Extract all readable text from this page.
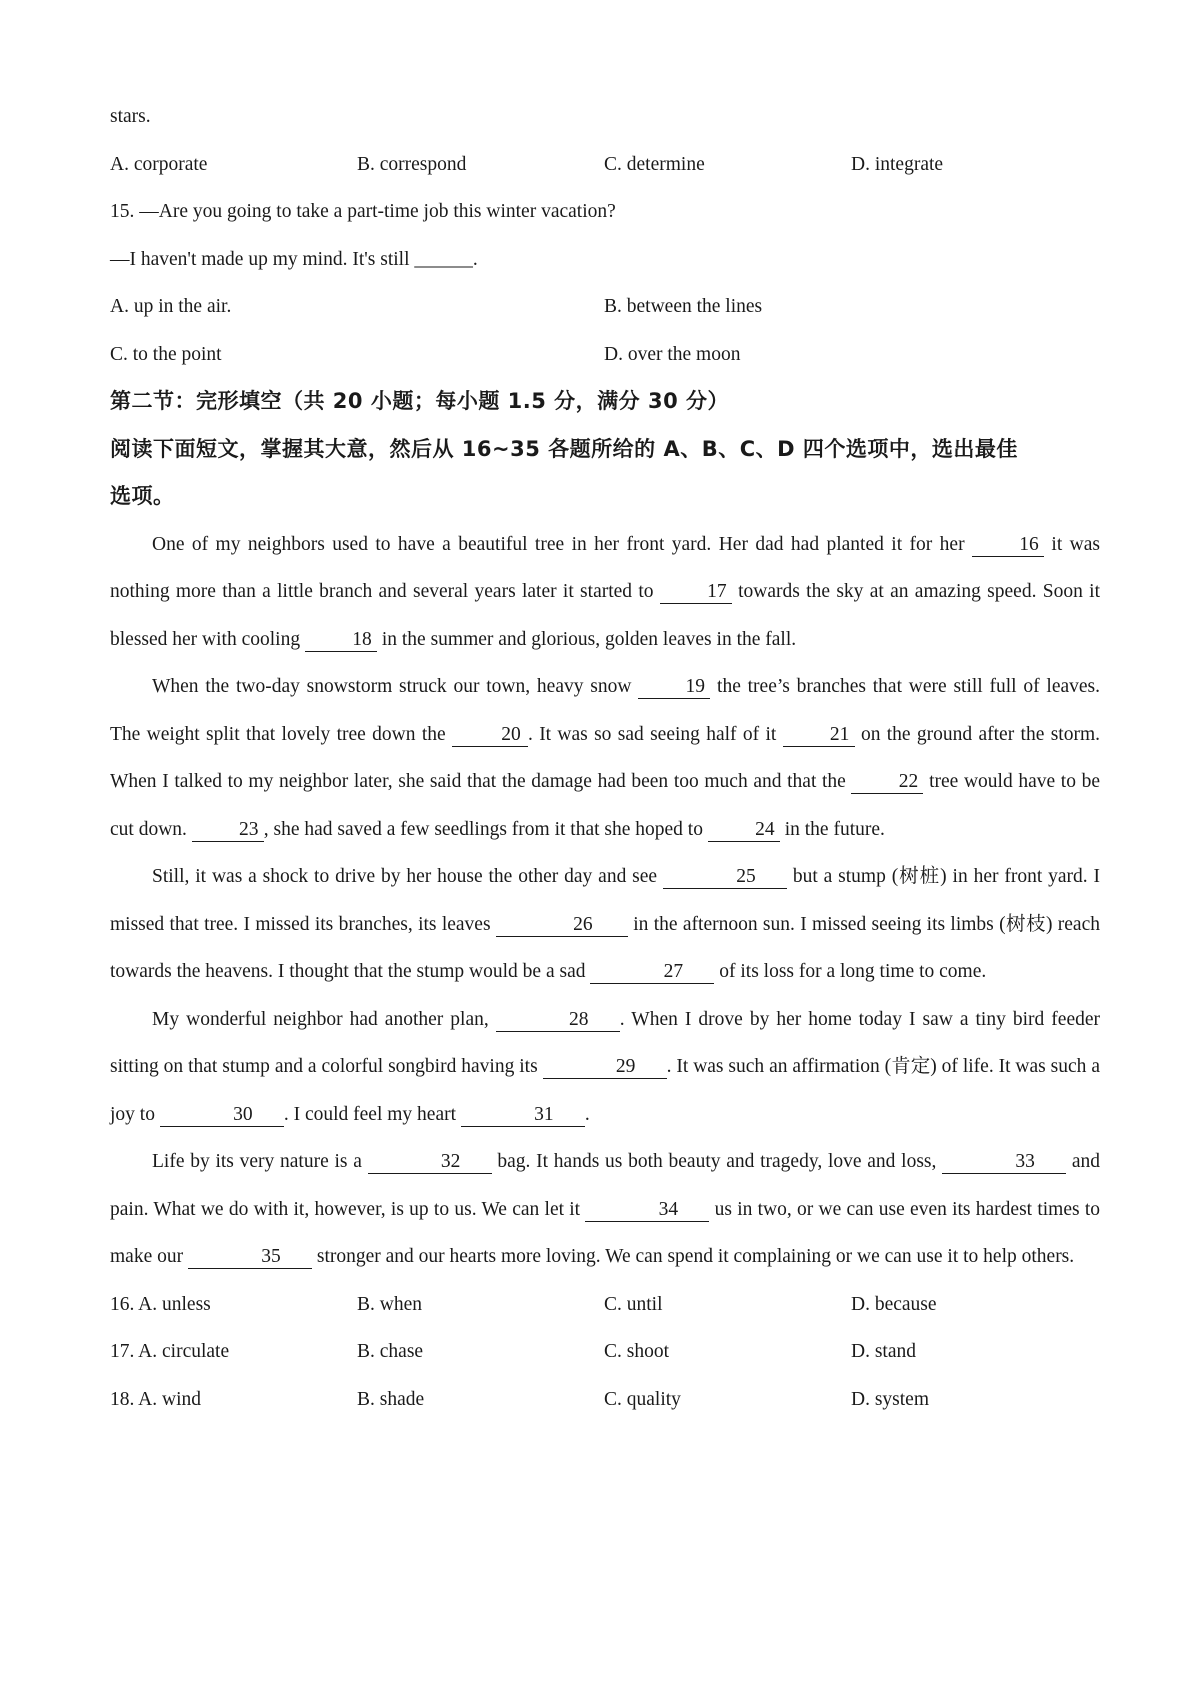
stars.
A. corporate	B. correspond	C. determine	D. integrate
15. —Are you going to take a part-time job this winter vacation?
—I haven't made up my mind. It's still ______.
A. up in the air.	B. between the lines
C. to the point	D. over the moon
第二节：完形填空（共 20 小题；每小题 1.5 分，满分 30 分）
阅读下面短文，掌握其大意，然后从 16~35 各题所给的 A、B、C、D 四个选项中，选出最佳
选项。

One of my neighbors used to have a beautiful tree in her front yard. Her dad had planted it for her 16 it was nothing more than a little branch and several years later it started to 17 towards the sky at an amazing speed. Soon it blessed her with cooling 18 in the summer and glorious, golden leaves in the fall.

When the two-day snowstorm struck our town, heavy snow 19 the tree’s branches that were still full of leaves. The weight split that lovely tree down the	20 . It was so sad seeing half of it 21 on the ground after the storm. When I talked to my neighbor later, she said that the damage had been too much and that the 22 tree would have to be cut down. 23 , she had saved a few seedlings from it that she hoped to 24 in the future.

Still, it was a shock to drive by her house the other day and see	25 but a stump (树桩) in her front yard. I missed that tree. I missed its branches, its leaves	26 in the afternoon sun. I missed seeing its limbs (树枝) reach towards the heavens. I thought that the stump would be a sad	27 of its loss for a long time to come.

My wonderful neighbor had another plan,	28 . When I drove by her home today I saw a tiny bird feeder sitting on that stump and a colorful songbird having its	29 . It was such an affirmation (肯定) of life. It was such a joy to	30 . I could feel my heart	31 .

Life by its very nature is a	32 bag. It hands us both beauty and tragedy, love and loss,	33 and pain. What we do with it, however, is up to us. We can let it	34 us in two, or we can use even its hardest times to make our	35 stronger and our hearts more loving. We can spend it complaining or we can use it to help others.

16. A. unless	B. when	C. until	D. because
17. A. circulate	B. chase	C. shoot	D. stand
18. A. wind	B. shade	C. quality	D. system
